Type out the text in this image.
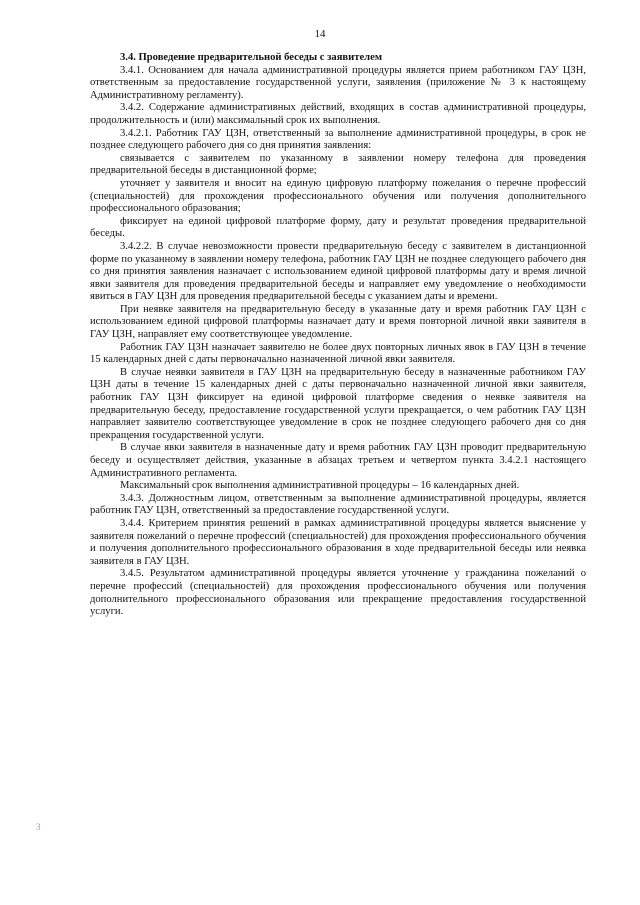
14

3.4. Проведение предварительной беседы с заявителем

3.4.1. Основанием для начала административной процедуры является прием работником ГАУ ЦЗН, ответственным за предоставление государственной услуги, заявления (приложение № 3 к настоящему Административному регламенту).

3.4.2. Содержание административных действий, входящих в состав административной процедуры, продолжительность и (или) максимальный срок их выполнения.

3.4.2.1. Работник ГАУ ЦЗН, ответственный за выполнение административной процедуры, в срок не позднее следующего рабочего дня со дня принятия заявления:

связывается с заявителем по указанному в заявлении номеру телефона для проведения предварительной беседы в дистанционной форме;

уточняет у заявителя и вносит на единую цифровую платформу пожелания о перечне профессий (специальностей) для прохождения профессионального обучения или получения дополнительного профессионального образования;

фиксирует на единой цифровой платформе форму, дату и результат проведения предварительной беседы.

3.4.2.2. В случае невозможности провести предварительную беседу с заявителем в дистанционной форме по указанному в заявлении номеру телефона, работник ГАУ ЦЗН не позднее следующего рабочего дня со дня принятия заявления назначает с использованием единой цифровой платформы дату и время личной явки заявителя для проведения предварительной беседы и направляет ему уведомление о необходимости явиться в ГАУ ЦЗН для проведения предварительной беседы с указанием даты и времени.

При неявке заявителя на предварительную беседу в указанные дату и время работник ГАУ ЦЗН с использованием единой цифровой платформы назначает дату и время повторной личной явки заявителя в ГАУ ЦЗН, направляет ему соответствующее уведомление.

Работник ГАУ ЦЗН назначает заявителю не более двух повторных личных явок в ГАУ ЦЗН в течение 15 календарных дней с даты первоначально назначенной личной явки заявителя.

В случае неявки заявителя в ГАУ ЦЗН на предварительную беседу в назначенные работником ГАУ ЦЗН даты в течение 15 календарных дней с даты первоначально назначенной личной явки заявителя, работник ГАУ ЦЗН фиксирует на единой цифровой платформе сведения о неявке заявителя на предварительную беседу, предоставление государственной услуги прекращается, о чем работник ГАУ ЦЗН направляет заявителю соответствующее уведомление в срок не позднее следующего рабочего дня со дня прекращения государственной услуги.

В случае явки заявителя в назначенные дату и время работник ГАУ ЦЗН проводит предварительную беседу и осуществляет действия, указанные в абзацах третьем и четвертом пункта 3.4.2.1 настоящего Административного регламента.

Максимальный срок выполнения административной процедуры – 16 календарных дней.

3.4.3. Должностным лицом, ответственным за выполнение административной процедуры, является работник ГАУ ЦЗН, ответственный за предоставление государственной услуги.

3.4.4. Критерием принятия решений в рамках административной процедуры является выяснение у заявителя пожеланий о перечне профессий (специальностей) для прохождения профессионального обучения и получения дополнительного профессионального образования в ходе предварительной беседы или неявка заявителя в ГАУ ЦЗН.

3.4.5. Результатом административной процедуры является уточнение у гражданина пожеланий о перечне профессий (специальностей) для прохождения профессионального обучения или получения дополнительного профессионального образования или прекращение предоставления государственной услуги.

3
